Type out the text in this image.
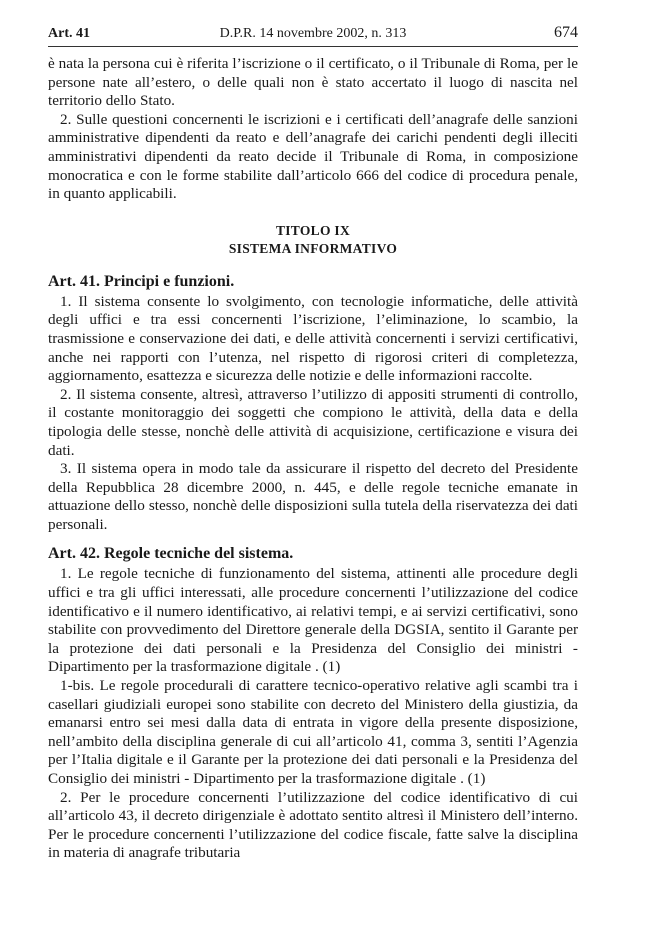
Art. 41	D.P.R. 14 novembre 2002, n. 313	674

è nata la persona cui è riferita l’iscrizione o il certificato, o il Tribunale di Roma, per le persone nate all’estero, o delle quali non è stato accertato il luogo di nascita nel territorio dello Stato.

2. Sulle questioni concernenti le iscrizioni e i certificati dell’anagrafe delle sanzioni amministrative dipendenti da reato e dell’anagrafe dei carichi pendenti degli illeciti amministrativi dipendenti da reato decide il Tribunale di Roma, in composizione monocratica e con le forme stabilite dall’articolo 666 del codice di procedura penale, in quanto applicabili.

TITOLO IX
SISTEMA INFORMATIVO
Art. 41. Principi e funzioni.

1. Il sistema consente lo svolgimento, con tecnologie informatiche, delle attività degli uffici e tra essi concernenti l’iscrizione, l’eliminazione, lo scambio, la trasmissione e conservazione dei dati, e delle attività concernenti i servizi certificativi, anche nei rapporti con l’utenza, nel rispetto di rigorosi criteri di completezza, aggiornamento, esattezza e sicurezza delle notizie e delle informazioni raccolte.

2. Il sistema consente, altresì, attraverso l’utilizzo di appositi strumenti di controllo, il costante monitoraggio dei soggetti che compiono le attività, della data e della tipologia delle stesse, nonchè delle attività di acquisizione, certificazione e visura dei dati.

3. Il sistema opera in modo tale da assicurare il rispetto del decreto del Presidente della Repubblica 28 dicembre 2000, n. 445, e delle regole tecniche emanate in attuazione dello stesso, nonchè delle disposizioni sulla tutela della riservatezza dei dati personali.

Art. 42. Regole tecniche del sistema.

1. Le regole tecniche di funzionamento del sistema, attinenti alle procedure degli uffici e tra gli uffici interessati, alle procedure concernenti l’utilizzazione del codice identificativo e il numero identificativo, ai relativi tempi, e ai servizi certificativi, sono stabilite con provvedimento del Direttore generale della DGSIA, sentito il Garante per la protezione dei dati personali e la Presidenza del Consiglio dei ministri - Dipartimento per la trasformazione digitale . (1)

1-bis. Le regole procedurali di carattere tecnico-operativo relative agli scambi tra i casellari giudiziali europei sono stabilite con decreto del Ministero della giustizia, da emanarsi entro sei mesi dalla data di entrata in vigore della presente disposizione, nell’ambito della disciplina generale di cui all’articolo 41, comma 3, sentiti l’Agenzia per l’Italia digitale e il Garante per la protezione dei dati personali e la Presidenza del Consiglio dei ministri - Dipartimento per la trasformazione digitale . (1)

2. Per le procedure concernenti l’utilizzazione del codice identificativo di cui all’articolo 43, il decreto dirigenziale è adottato sentito altresì il Ministero dell’interno. Per le procedure concernenti l’utilizzazione del codice fiscale, fatte salve la disciplina in materia di anagrafe tributaria
